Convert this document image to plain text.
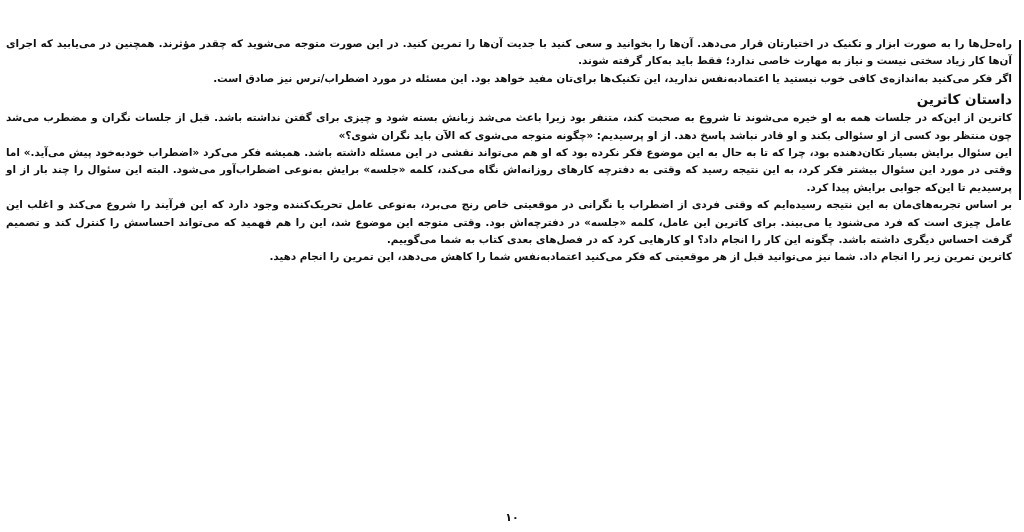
راه‌حل‌ها را به صورت ابزار و تکنیک در اختیارتان قرار می‌دهد. آن‌ها را بخوانید و سعی کنید با جدیت آن‌ها را تمرین کنید. در این صورت متوجه می‌شوید که چقدر مؤثرند. همچنین در می‌یابید که اجرای آن‌ها کار زیاد سختی نیست و نیاز به مهارت خاصی ندارد؛ فقط باید به‌کار گرفته شوند.

اگر فکر می‌کنید به‌اندازه‌ی کافی خوب نیستید یا اعتمادبه‌نفس ندارید، این تکنیک‌ها برای‌تان مفید خواهد بود. این مسئله در مورد اضطراب/ترس نیز صادق است.

داستان کاترین

کاترین از این‌که در جلسات همه به او خیره می‌شوند تا شروع به صحبت کند، متنفر بود زیرا باعث می‌شد زبانش بسته شود و چیزی برای گفتن نداشته باشد. قبل از جلسات نگران و مضطرب می‌شد چون منتظر بود کسی از او سئوالی بکند و او قادر نباشد پاسخ دهد. از او پرسیدیم: «چگونه متوجه می‌شوی که الآن باید نگران شوی؟»

این سئوال برایش بسیار تکان‌دهنده بود، چرا که تا به حال به این موضوع فکر نکرده بود که او هم می‌تواند نقشی در این مسئله داشته باشد. همیشه فکر می‌کرد «اضطراب خودبه‌خود پیش می‌آید.» اما وقتی در مورد این سئوال بیشتر فکر کرد، به این نتیجه رسید که وقتی به دفترچه کارهای روزانه‌اش نگاه می‌کند، کلمه «جلسه» برایش به‌نوعی اضطراب‌آور می‌شود. البته این سئوال را چند بار از او پرسیدیم تا این‌که جوابی برایش پیدا کرد.

بر اساس تجربه‌های‌مان به این نتیجه رسیده‌ایم که وقتی فردی از اضطراب یا نگرانی در موقعیتی خاص رنج می‌برد، به‌نوعی عامل تحریک‌کننده وجود دارد که این فرآیند را شروع می‌کند و اغلب این عامل چیزی است که فرد می‌شنود یا می‌بیند. برای کاترین این عامل، کلمه «جلسه» در دفترچه‌اش بود. وقتی متوجه این موضوع شد، این را هم فهمید که می‌تواند احساسش را کنترل کند و تصمیم گرفت احساس دیگری داشته باشد. چگونه این کار را انجام داد؟ او کارهایی کرد که در فصل‌های بعدی کتاب به شما می‌گوییم.

کاترین تمرین زیر را انجام داد. شما نیز می‌توانید قبل از هر موقعیتی که فکر می‌کنید اعتمادبه‌نفس شما را کاهش می‌دهد، این تمرین را انجام دهید.

۱۰
